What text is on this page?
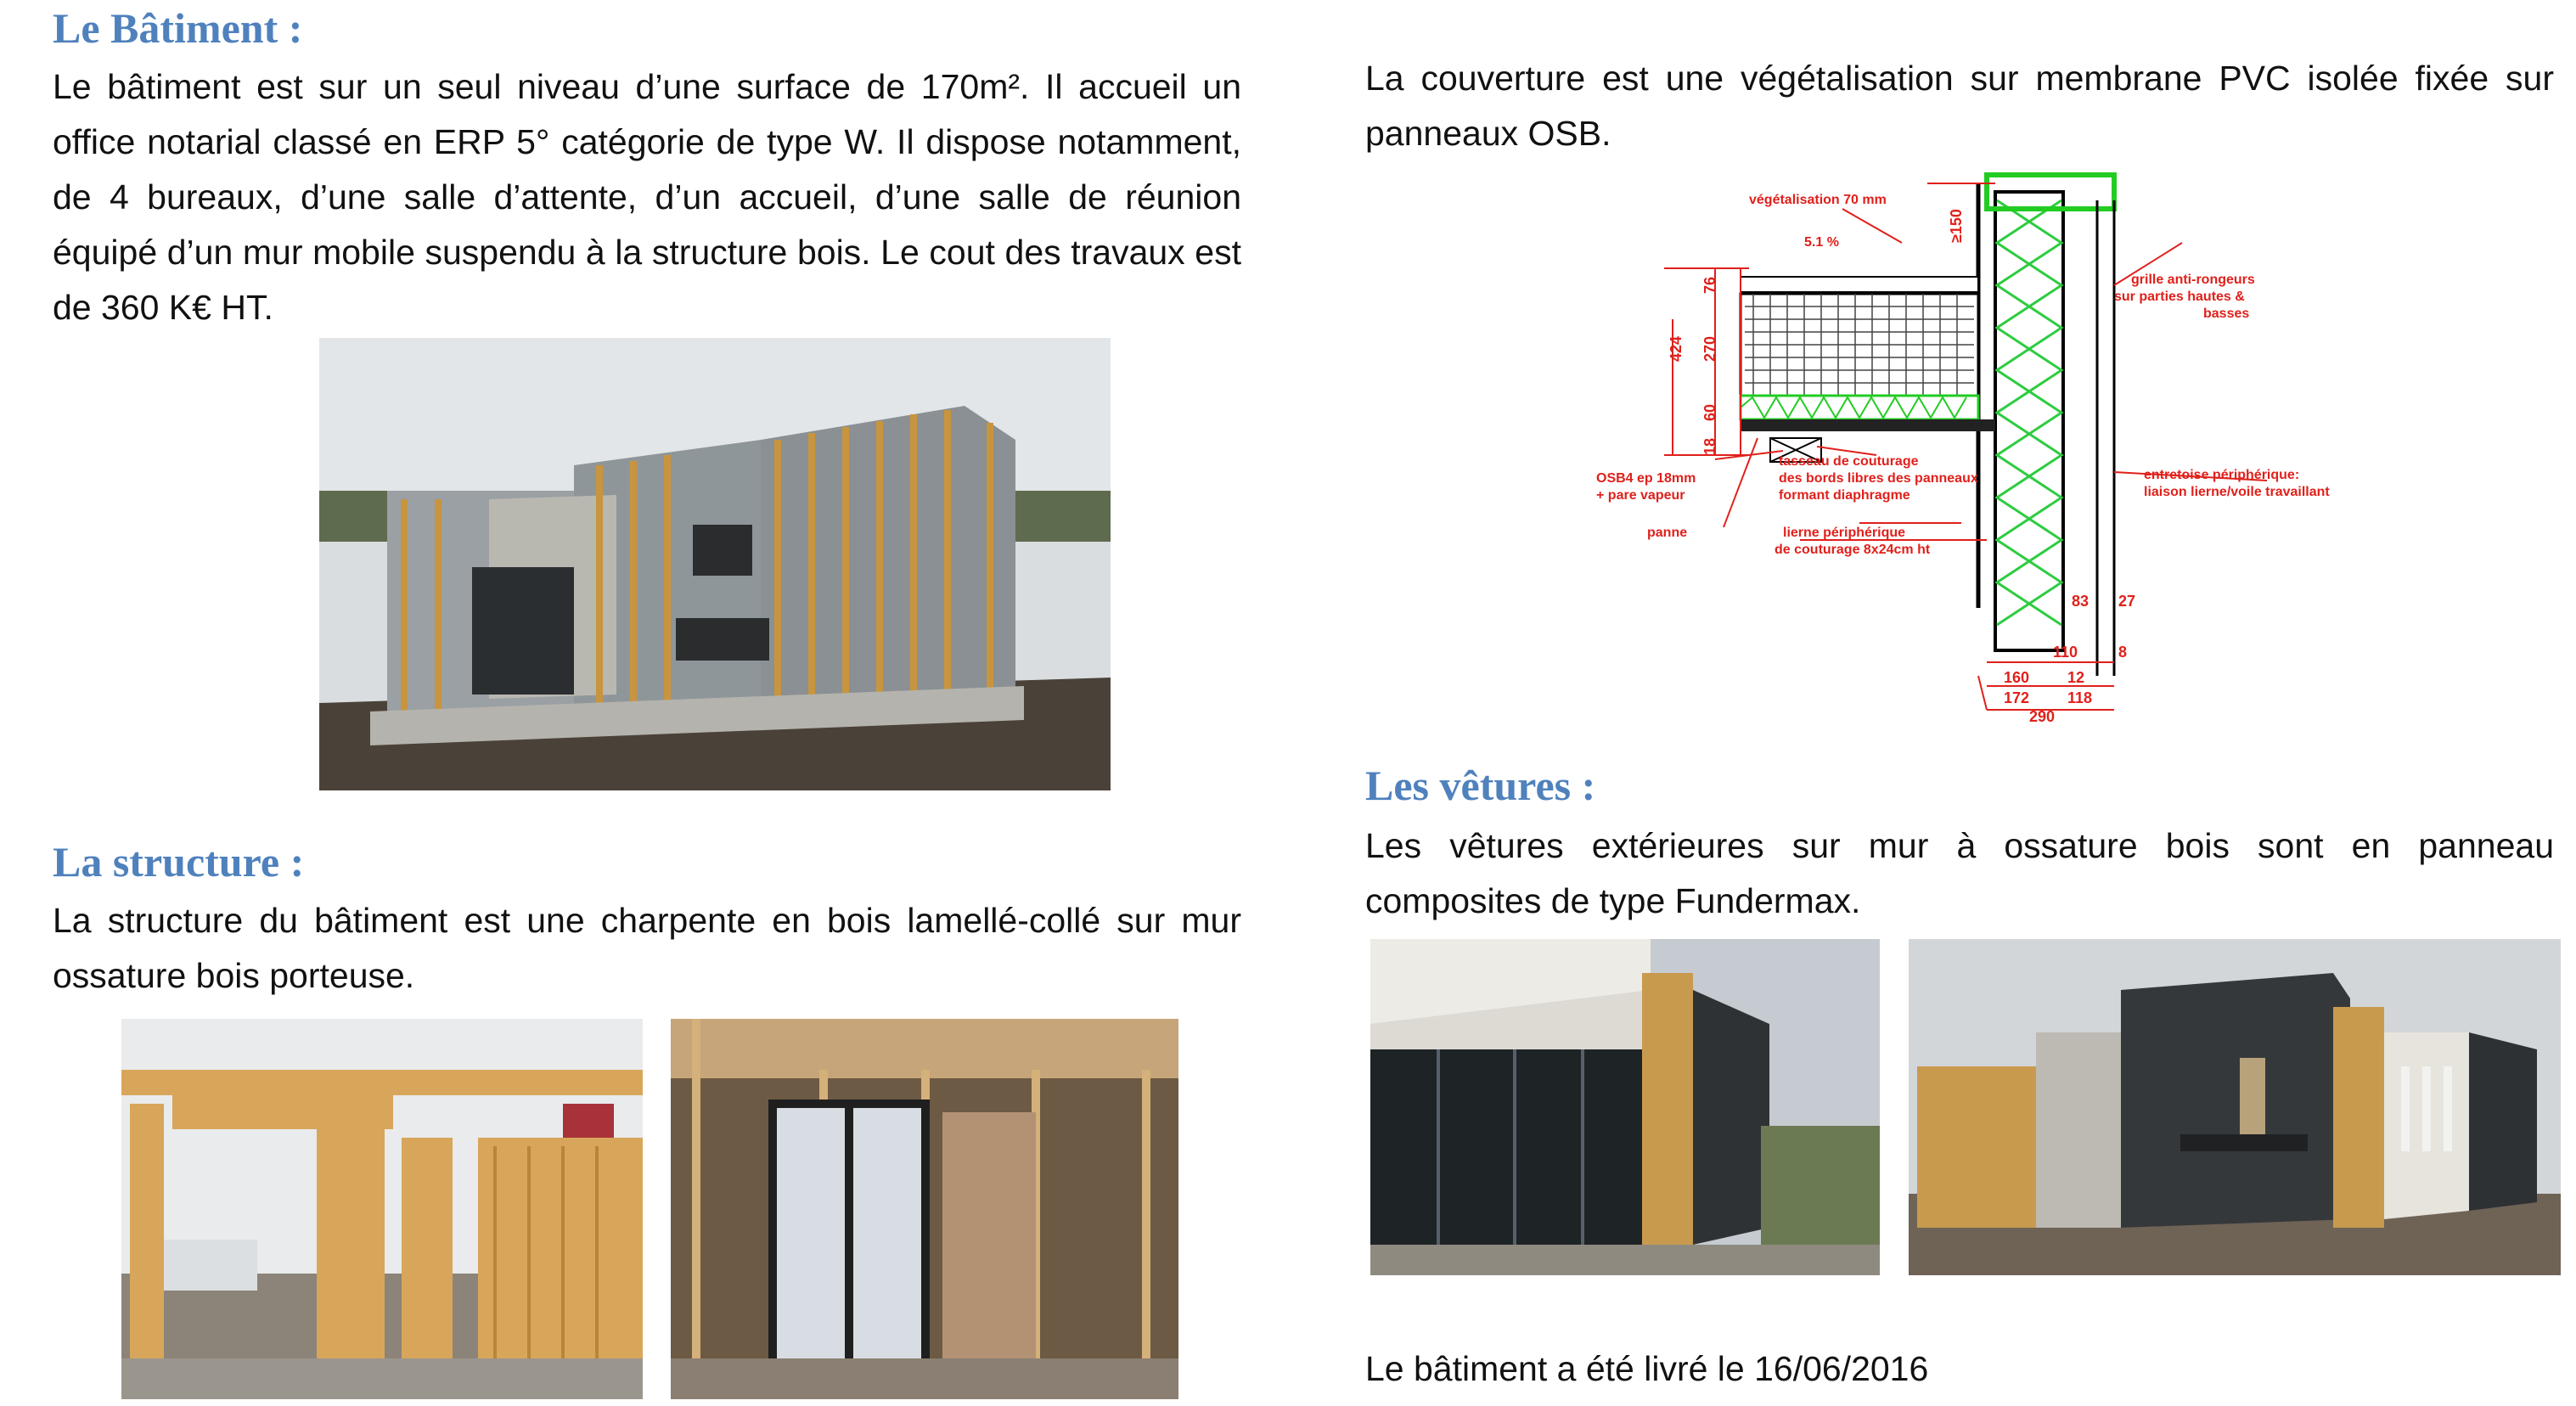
Le Bâtiment :

Le bâtiment est sur un seul niveau d’une surface de 170m². Il accueil un office notarial classé en ERP 5° catégorie de type W. Il dispose notamment, de 4 bureaux, d’une salle d’attente, d’un accueil, d’une salle de réunion équipé d’un mur mobile suspendu à la structure bois. Le cout des travaux est de 360 K€ HT.

La structure :

La structure du bâtiment est une charpente en bois lamellé-collé sur mur ossature bois porteuse.

La couverture est une végétalisation sur membrane PVC isolée fixée sur panneaux OSB.

végétalisation 70 mm
5.1 %
grille anti-rongeurs
sur parties hautes &
basses
OSB4 ep 18mm
+ pare vapeur
tasseau de couturage
des bords libres des panneaux
formant diaphragme
entretoise périphérique:
liaison lierne/voile travaillant
panne	lierne périphérique
de couturage 8x24cm ht
≥150
76
270
424
60
18
83 27
110	8
160 12
172 118
290
Les vêtures :

Les vêtures extérieures sur mur à ossature bois sont en panneau composites de type Fundermax.

Le bâtiment a été livré le 16/06/2016
